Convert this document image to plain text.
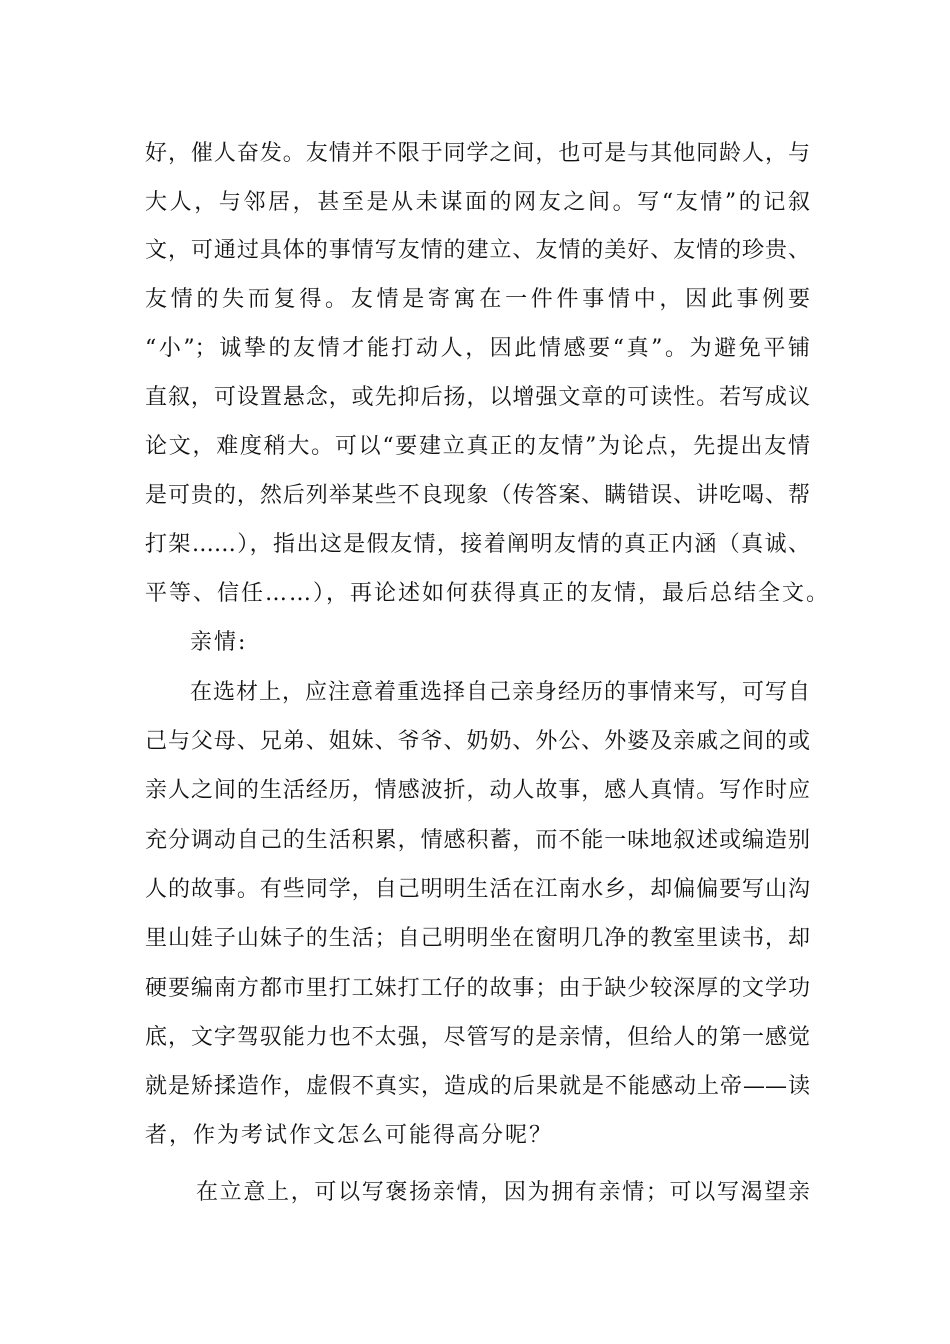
好，催人奋发。友情并不限于同学之间，也可是与其他同龄人，与
大人，与邻居，甚至是从未谋面的网友之间。写“友情”的记叙
文，可通过具体的事情写友情的建立、友情的美好、友情的珍贵、
友情的失而复得。友情是寄寓在一件件事情中，因此事例要
“小”；诚挚的友情才能打动人，因此情感要“真”。为避免平铺
直叙，可设置悬念，或先抑后扬，以增强文章的可读性。若写成议
论文，难度稍大。可以“要建立真正的友情”为论点，先提出友情
是可贵的，然后列举某些不良现象（传答案、瞒错误、讲吃喝、帮
打架……），指出这是假友情，接着阐明友情的真正内涵（真诚、
平等、信任……），再论述如何获得真正的友情，最后总结全文。
亲情:
在选材上，应注意着重选择自己亲身经历的事情来写，可写自
己与父母、兄弟、姐妹、爷爷、奶奶、外公、外婆及亲戚之间的或
亲人之间的生活经历，情感波折，动人故事，感人真情。写作时应
充分调动自己的生活积累，情感积蓄，而不能一味地叙述或编造别
人的故事。有些同学，自己明明生活在江南水乡，却偏偏要写山沟
里山娃子山妹子的生活；自己明明坐在窗明几净的教室里读书，却
硬要编南方都市里打工妹打工仔的故事；由于缺少较深厚的文学功
底，文字驾驭能力也不太强，尽管写的是亲情，但给人的第一感觉
就是矫揉造作，虚假不真实，造成的后果就是不能感动上帝——读
者，作为考试作文怎么可能得高分呢？
在立意上，可以写褒扬亲情，因为拥有亲情；可以写渴望亲
